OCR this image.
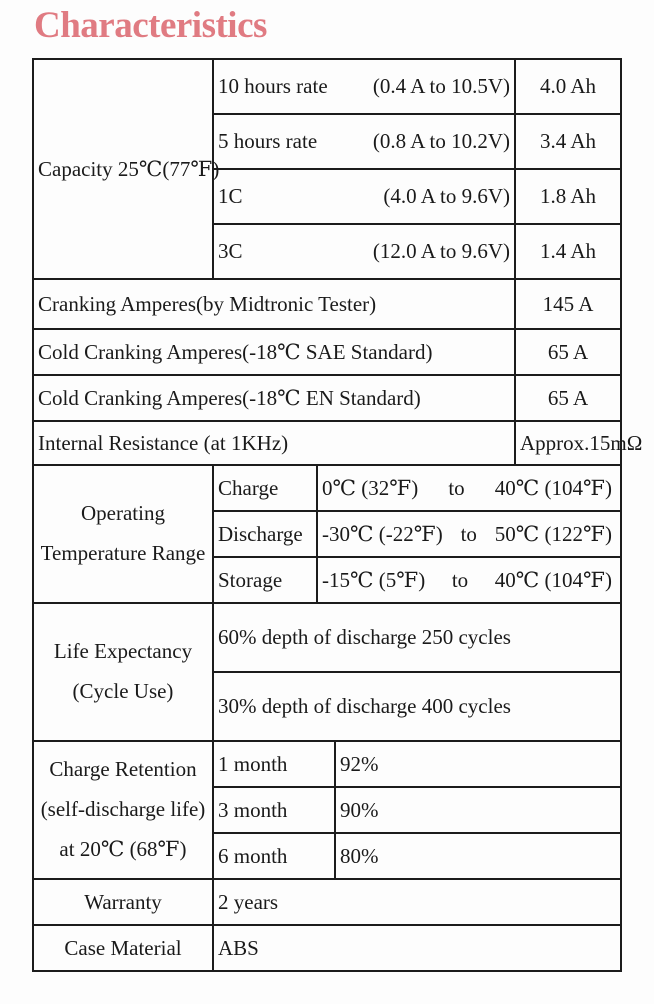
Characteristics
Capacity 25℃(77℉)	10 hours rate (0.4 A to 10.5V)			4.0 Ah

	5 hours rate (0.8 A to 10.2V)			3.4 Ah

	1C (4.0 A to 9.6V)			1.8 Ah

	3C (12.0 A to 9.6V)			1.4 Ah
Cranking Amperes(by Midtronic Tester)				145 A
Cold Cranking Amperes(-18℃ SAE Standard)				65 A
Cold Cranking Amperes(-18℃ EN Standard)				65 A
Internal Resistance (at 1KHz)				Approx.15mΩ
Operating
Temperature Range	Charge	0℃ (32℉) to 40℃ (104℉)		

	Discharge	-30℃ (-22℉) to 50℃ (122℉)		

	Storage	-15℃ (5℉) to 40℃ (104℉)		

Life Expectancy
(Cycle Use)	60% depth of discharge 250 cycles			
	30% depth of discharge 400 cycles			
Charge Retention
(self-discharge life)
at 20℃ (68℉)	1 month		92%	
	3 month		90%	
	6 month		80%	
Warranty	2 years			
Case Material	ABS			
